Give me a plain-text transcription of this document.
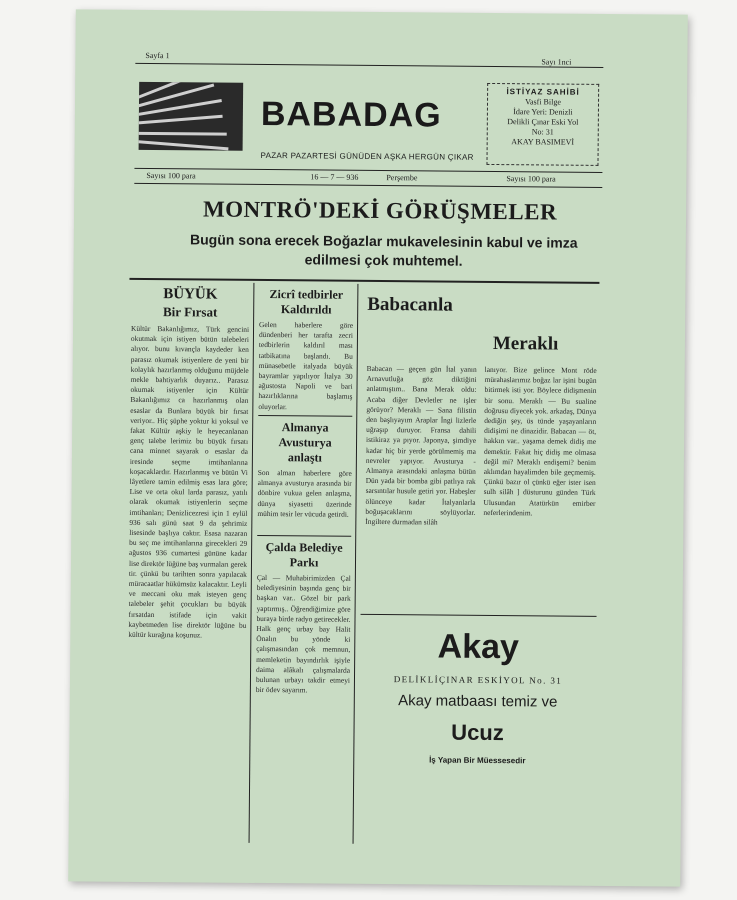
Sayfa 1
Sayı 1nci
BABADAG
PAZAR PAZARTESİ GÜNÜDEN AŞKA HERGÜN ÇIKAR
İSTİYAZ SAHİBİ
Vasfi Bilge
İdare Yeri: Denizli
Delikli Çınar Eski Yol
No: 31
AKAY BASIMEVİ
Sayısı 100 para	16 — 7 — 936	Perşembe	Sayısı 100 para
MONTRÖ'DEKİ GÖRÜŞMELER
Bugün sona erecek Boğazlar mukavelesinin kabul ve imza
edilmesi çok muhtemel.
BÜYÜK
Bir Fırsat
Kültür Bakanlığımız, Türk gencini okutmak için istiyen bütün talebeleri alıyor. bunu kıvançla kaydeder ken parasız okumak istiyenlere de yeni bir kolaylık hazırlanmış olduğunu müjdele mekle bahtiyarlık duyarız.. Parasız okumak istiyenler için Kültür Bakanlığımız ca hazırlanmış olan esaslar da Bunlara büyük bir fırsat veriyor.. Hiç şüphe yoktur ki yoksul ve fakat Kültür aşkiy le heyecanlanan genç talebe lerimiz bu büyük fırsatı cana minnet sayarak o esaslar da iresinde seçme imtihanlarına koşacaklardır. Hazırlanmış ve bütün Vi lâyetlere tamin edilmiş esas lara göre; Lise ve orta okul larda parasız, yatılı olarak okumak istiyenlerin seçme imtihanları; Denizlicezresi için 1 eylül 936 salı günü saat 9 da şehrimiz lisesinde başlıya caktır. Esasa nazaran bu seç me imtihanlarına girecekleri 29 ağustos 936 cumartesi gününe kadar lise direktör lüğüne baş vurmaları gerek tir. çünkü bu tarihten sonra yapılacak müracaatlar hükümsüz kalacaktır. Leyli ve meccani oku mak isteyen genç talebeler şehit çocukları bu büyük fırsatdan istifade için vakit kaybetmeden lise direktör lüğüne bu kültür kurağına koşunuz.
Zicrî tedbirler
Kaldırıldı
Gelen haberlere göre dündenberi her tarafta zecri tedbirlerin kaldırıl ması tatbikatına başlandı. Bu münasebetle italyada büyük bayramlar yapılıyor İtalya 30 ağustosta Napoli ve bari hazırlıklarına başlamış oluyorlar.
Almanya
Avusturya
anlaştı
Son alman haberlere göre almanya avusturya arasında bir dönbire vukua gelen anlaşma, dünya siyasetti üzerinde mühim tesir ler vücuda getirdi.
Çalda Belediye
Parkı
Çal — Muhabirimizden Çal belediyesinin başında genç bir başkan var.. Gözel bir park yaptırmış.. Öğrendiğimize göre buraya birde radyo getirecekler. Halk genç urbay bay Halit Önalın bu yönde ki çalışmasından çok memnun, memleketin bayındırlık işiyle daima alâkalı çalışmalarda bulunan urbayı takdir etmeyi bir ödev sayarım.
Babacanla
Meraklı
Babacan — geçen gün İtal yanın Arnavutluğa göz diktiğini anlatmıştım.. Bana Merak oldu: Acaba diğer Devletler ne işler görüyor? Meraklı — Sana filistin den başlıyayım Araplar İngi lizlerle uğraşıp duruyor. Fransa dahili istikiraz ya pıyor. Japonya, şimdiye kadar hiç bir yerde görülmemiş ma nevreler yapıyor. Avusturya - Almanya arasındaki anlaşma bütün Dün yada bir bomba gibi patlıya rak sarsıntılar husule getiri yor. Habeşler ölünceye kadar İtalyanlarla boğuşacaklarını söylüyorlar. İngiltere durmadan silâh
lanıyor. Bize gelince Mont röde mürahaslarımız boğaz lar işini bugün bitirmek isti yor. Böylece didişmenin bir sonu. Meraklı — Bu sualine doğrusu diyecek yok. arkadaş, Dünya dediğin şey, üs tünde yaşayanların didişimi ne dinazidir. Babacan — öt, hakkın var.. yaşama demek didiş me demektir. Fakat hiç didiş me olmasa değil mi? Meraklı endişemi? benim aklımdan hayalimden bile geçmemiş. Çünkü bazır ol çünkü eğer ister isen sulh silâh ] düsturunu günden Türk Ulusundan Atatürkün emirber neferlerindenim.
Akay
DELİKLİÇINAR ESKİYOL No. 31
Akay matbaası temiz ve
Ucuz
İş Yapan Bir Müessesedir
